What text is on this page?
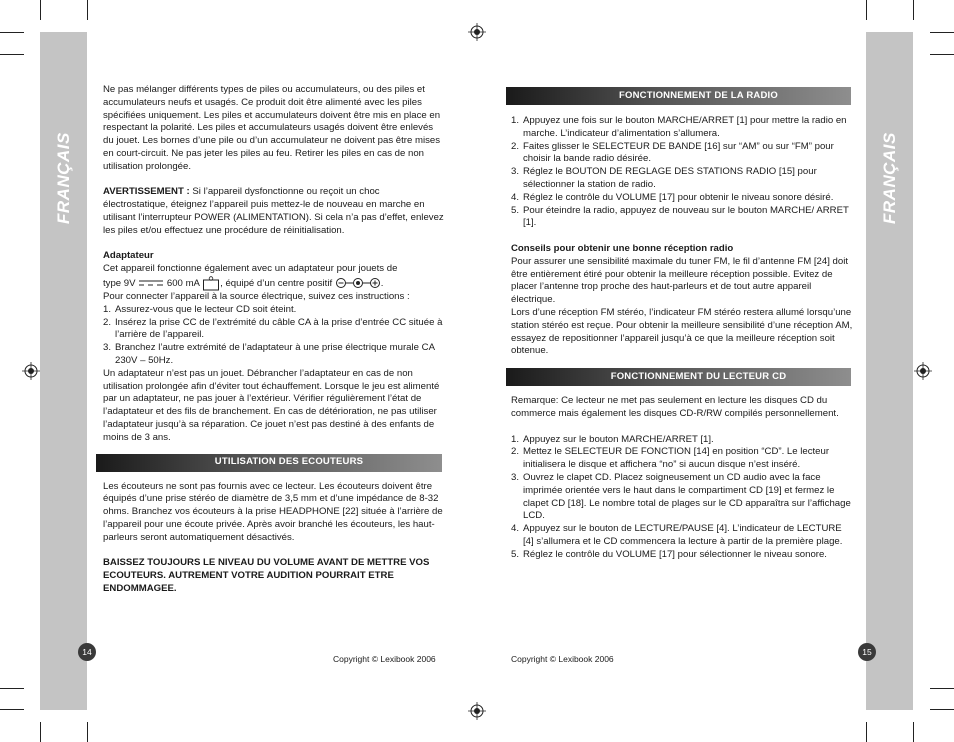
FRANÇAIS	FRANÇAIS

Ne pas mélanger différents types de piles ou accumulateurs, ou des piles et accumulateurs neufs et usagés. Ce produit doit être alimenté avec les piles spécifiées uniquement. Les piles et accumulateurs doivent être mis en place en respectant la polarité. Les piles et accumulateurs usagés doivent être enlevés du jouet. Les bornes d’une pile ou d’un accumulateur ne doivent pas être mises en court-circuit. Ne pas jeter les piles au feu. Retirer les piles en cas de non utilisation prolongée.

AVERTISSEMENT : Si l’appareil dysfonctionne ou reçoit un choc électrostatique, éteignez l’appareil puis mettez-le de nouveau en marche en utilisant l’interrupteur POWER (ALIMENTATION). Si cela n’a pas d’effet, enlevez les piles et/ou effectuez une procédure de réinitialisation.

Adaptateur

Cet appareil fonctionne également avec un adaptateur pour jouets de

type 9V	600 mA , équipé d’un centre positif	.

Pour connecter l’appareil à la source électrique, suivez ces instructions :

1. Assurez-vous que le lecteur CD soit éteint.
2. Insérez la prise CC de l’extrémité du câble CA à la prise d’entrée CC située à l’arrière de l’appareil.
3. Branchez l’autre extrémité de l’adaptateur à une prise électrique murale CA 230V – 50Hz.

Un adaptateur n’est pas un jouet. Débrancher l’adaptateur en cas de non utilisation prolongée afin d’éviter tout échauffement. Lorsque le jeu est alimenté par un adaptateur, ne pas jouer à l’extérieur. Vérifier régulièrement l’état de l’adaptateur et des fils de branchement. En cas de détérioration, ne pas utiliser l’adaptateur jusqu’à sa réparation. Ce jouet n’est pas destiné à des enfants de moins de 3 ans.

UTILISATION DES ECOUTEURS

Les écouteurs ne sont pas fournis avec ce lecteur. Les écouteurs doivent être équipés d’une prise stéréo de diamètre de 3,5 mm et d’une impédance de 8-32 ohms. Branchez vos écouteurs à la prise HEADPHONE [22] située à l’arrière de l’appareil pour une écoute privée. Après avoir branché les écouteurs, les haut-parleurs seront automatiquement désactivés.

BAISSEZ TOUJOURS LE NIVEAU DU VOLUME AVANT DE METTRE VOS ECOUTEURS. AUTREMENT VOTRE AUDITION POURRAIT ETRE ENDOMMAGEE.

FONCTIONNEMENT DE LA RADIO
1. Appuyez une fois sur le bouton MARCHE/ARRET [1] pour mettre la radio en marche. L’indicateur d’alimentation s’allumera.
2. Faites glisser le SELECTEUR DE BANDE [16] sur “AM” ou sur “FM” pour choisir la bande radio désirée.
3. Réglez le BOUTON DE REGLAGE DES STATIONS RADIO [15] pour sélectionner la station de radio.
4. Réglez le contrôle du VOLUME [17] pour obtenir le niveau sonore désiré.
5. Pour éteindre la radio, appuyez de nouveau sur le bouton MARCHE/ ARRET [1].

Conseils pour obtenir une bonne réception radio

Pour assurer une sensibilité maximale du tuner FM, le fil d’antenne FM [24] doit être entièrement étiré pour obtenir la meilleure réception possible. Evitez de placer l’antenne trop proche des haut-parleurs et de tout autre appareil électrique.

Lors d’une réception FM stéréo, l’indicateur FM stéréo restera allumé lorsqu’une station stéréo est reçue. Pour obtenir la meilleure sensibilité d’une réception AM, essayez de repositionner l’appareil jusqu’à ce que la meilleure réception soit obtenue.

FONCTIONNEMENT DU LECTEUR CD

Remarque: Ce lecteur ne met pas seulement en lecture les disques CD du commerce mais également les disques CD-R/RW compilés personnellement.

1. Appuyez sur le bouton MARCHE/ARRET [1].
2. Mettez le SELECTEUR DE FONCTION [14] en position “CD”. Le lecteur initialisera le disque et affichera “no” si aucun disque n’est inséré.
3. Ouvrez le clapet CD. Placez soigneusement un CD audio avec la face imprimée orientée vers le haut dans le compartiment CD [19] et fermez le clapet CD [18]. Le nombre total de plages sur le CD apparaîtra sur l’affichage LCD.
4. Appuyez sur le bouton de LECTURE/PAUSE [4]. L’indicateur de LECTURE [4] s’allumera et le CD commencera la lecture à partir de la première plage.
5. Réglez le contrôle du VOLUME [17] pour sélectionner le niveau sonore.
14
Copyright © Lexibook 2006	Copyright © Lexibook 2006
15
